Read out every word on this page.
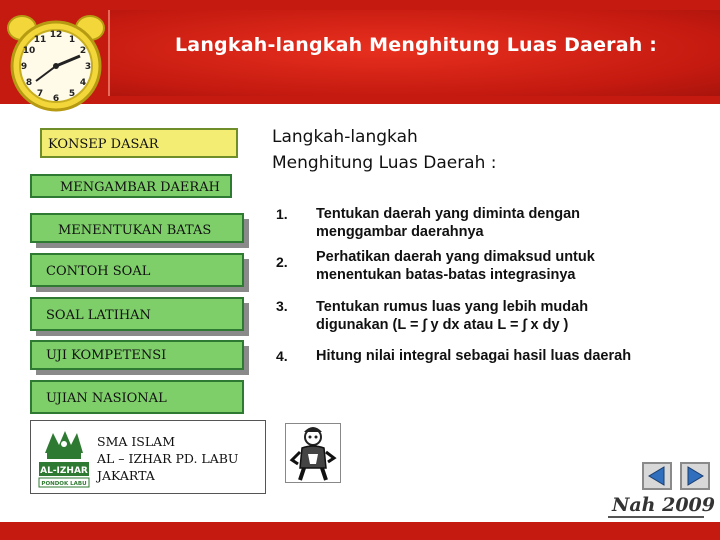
Langkah-langkah Menghitung Luas Daerah :
12 1
2
3
4
5
6
7
8
9
10
11
KONSEP DASAR
MENGAMBAR DAERAH
MENENTUKAN BATAS
CONTOH SOAL
SOAL LATIHAN
UJI KOMPETENSI
UJIAN NASIONAL
AL-IZHAR
PONDOK LABU
SMA ISLAM
AL – IZHAR PD. LABU
JAKARTA
Langkah-langkah
Menghitung Luas Daerah :
1. Tentukan daerah yang diminta dengan menggambar daerahnya
2. Perhatikan daerah yang dimaksud untuk menentukan batas-batas integrasinya
3. Tentukan rumus luas yang lebih mudah digunakan (L = ∫ y dx atau L = ∫ x dy )
4. Hitung nilai integral sebagai hasil luas daerah
Nah 2009
